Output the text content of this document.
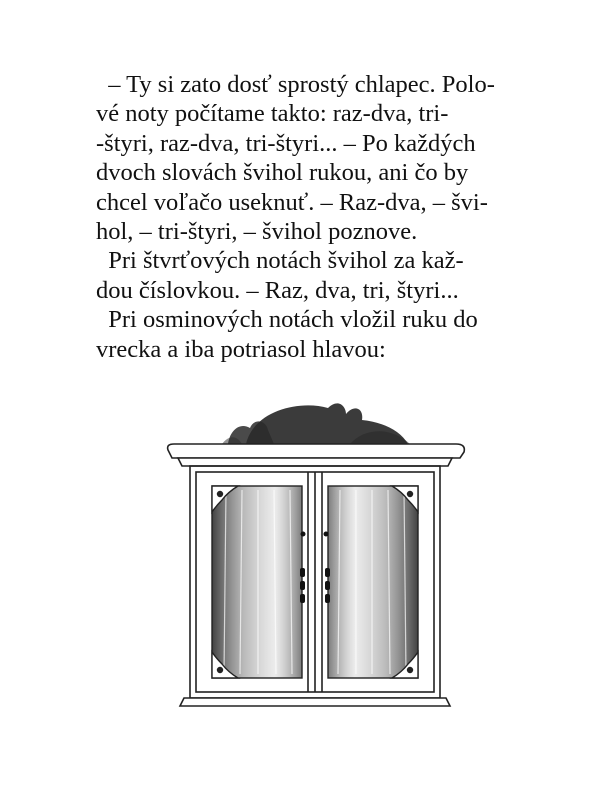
– Ty si zato dosť sprostý chlapec. Polo-
vé noty počítame takto: raz-dva, tri-
-štyri, raz-dva, tri-štyri... – Po každých
dvoch slovách švihol rukou, ani čo by
chcel voľačo useknuť. – Raz-dva, – švi-
hol, – tri-štyri, – švihol poznove.
Pri štvrťových notách švihol za kaž-
dou číslovkou. – Raz, dva, tri, štyri...
Pri osminových notách vložil ruku do
vrecka a iba potriasol hlavou:
